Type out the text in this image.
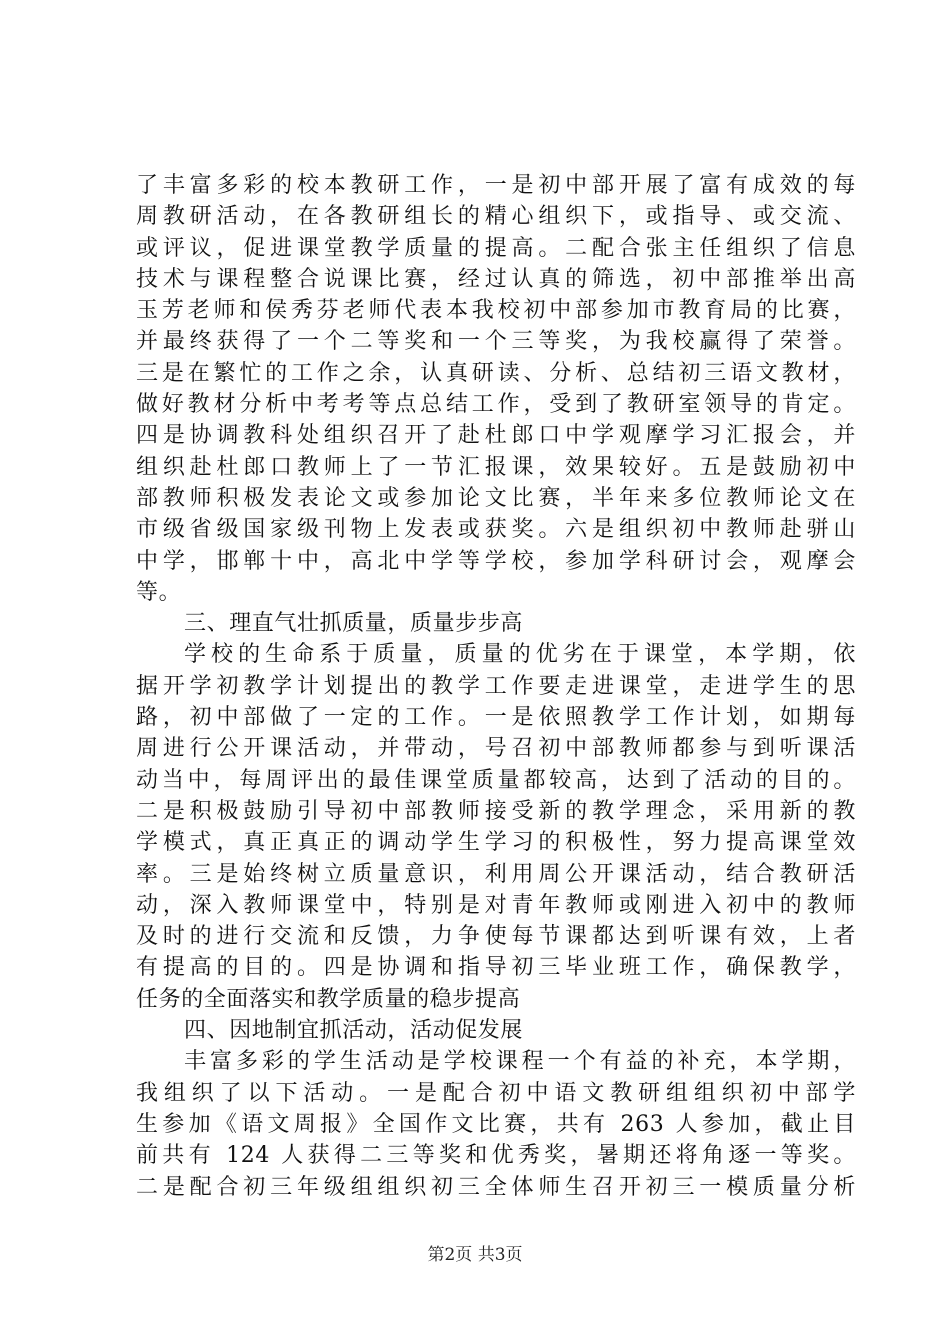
了丰富多彩的校本教研工作，一是初中部开展了富有成效的每
周教研活动，在各教研组长的精心组织下，或指导、或交流、
或评议，促进课堂教学质量的提高。二配合张主任组织了信息
技术与课程整合说课比赛，经过认真的筛选，初中部推举出高
玉芳老师和侯秀芬老师代表本我校初中部参加市教育局的比赛，
并最终获得了一个二等奖和一个三等奖，为我校赢得了荣誉。
三是在繁忙的工作之余，认真研读、分析、总结初三语文教材，
做好教材分析中考考等点总结工作，受到了教研室领导的肯定。
四是协调教科处组织召开了赴杜郎口中学观摩学习汇报会，并
组织赴杜郎口教师上了一节汇报课，效果较好。五是鼓励初中
部教师积极发表论文或参加论文比赛，半年来多位教师论文在
市级省级国家级刊物上发表或获奖。六是组织初中教师赴骈山
中学，邯郸十中，高北中学等学校，参加学科研讨会，观摩会
等。
三、理直气壮抓质量，质量步步高
学校的生命系于质量，质量的优劣在于课堂，本学期，依
据开学初教学计划提出的教学工作要走进课堂，走进学生的思
路，初中部做了一定的工作。一是依照教学工作计划，如期每
周进行公开课活动，并带动，号召初中部教师都参与到听课活
动当中，每周评出的最佳课堂质量都较高，达到了活动的目的。
二是积极鼓励引导初中部教师接受新的教学理念，采用新的教
学模式，真正真正的调动学生学习的积极性，努力提高课堂效
率。三是始终树立质量意识，利用周公开课活动，结合教研活
动，深入教师课堂中，特别是对青年教师或刚进入初中的教师
及时的进行交流和反馈，力争使每节课都达到听课有效，上者
有提高的目的。四是协调和指导初三毕业班工作，确保教学，
任务的全面落实和教学质量的稳步提高
四、因地制宜抓活动，活动促发展
丰富多彩的学生活动是学校课程一个有益的补充，本学期，
我组织了以下活动。一是配合初中语文教研组组织初中部学
生参加《语文周报》全国作文比赛，共有 263 人参加，截止目
前共有 124 人获得二三等奖和优秀奖，暑期还将角逐一等奖。
二是配合初三年级组组织初三全体师生召开初三一模质量分析
第2页 共3页
